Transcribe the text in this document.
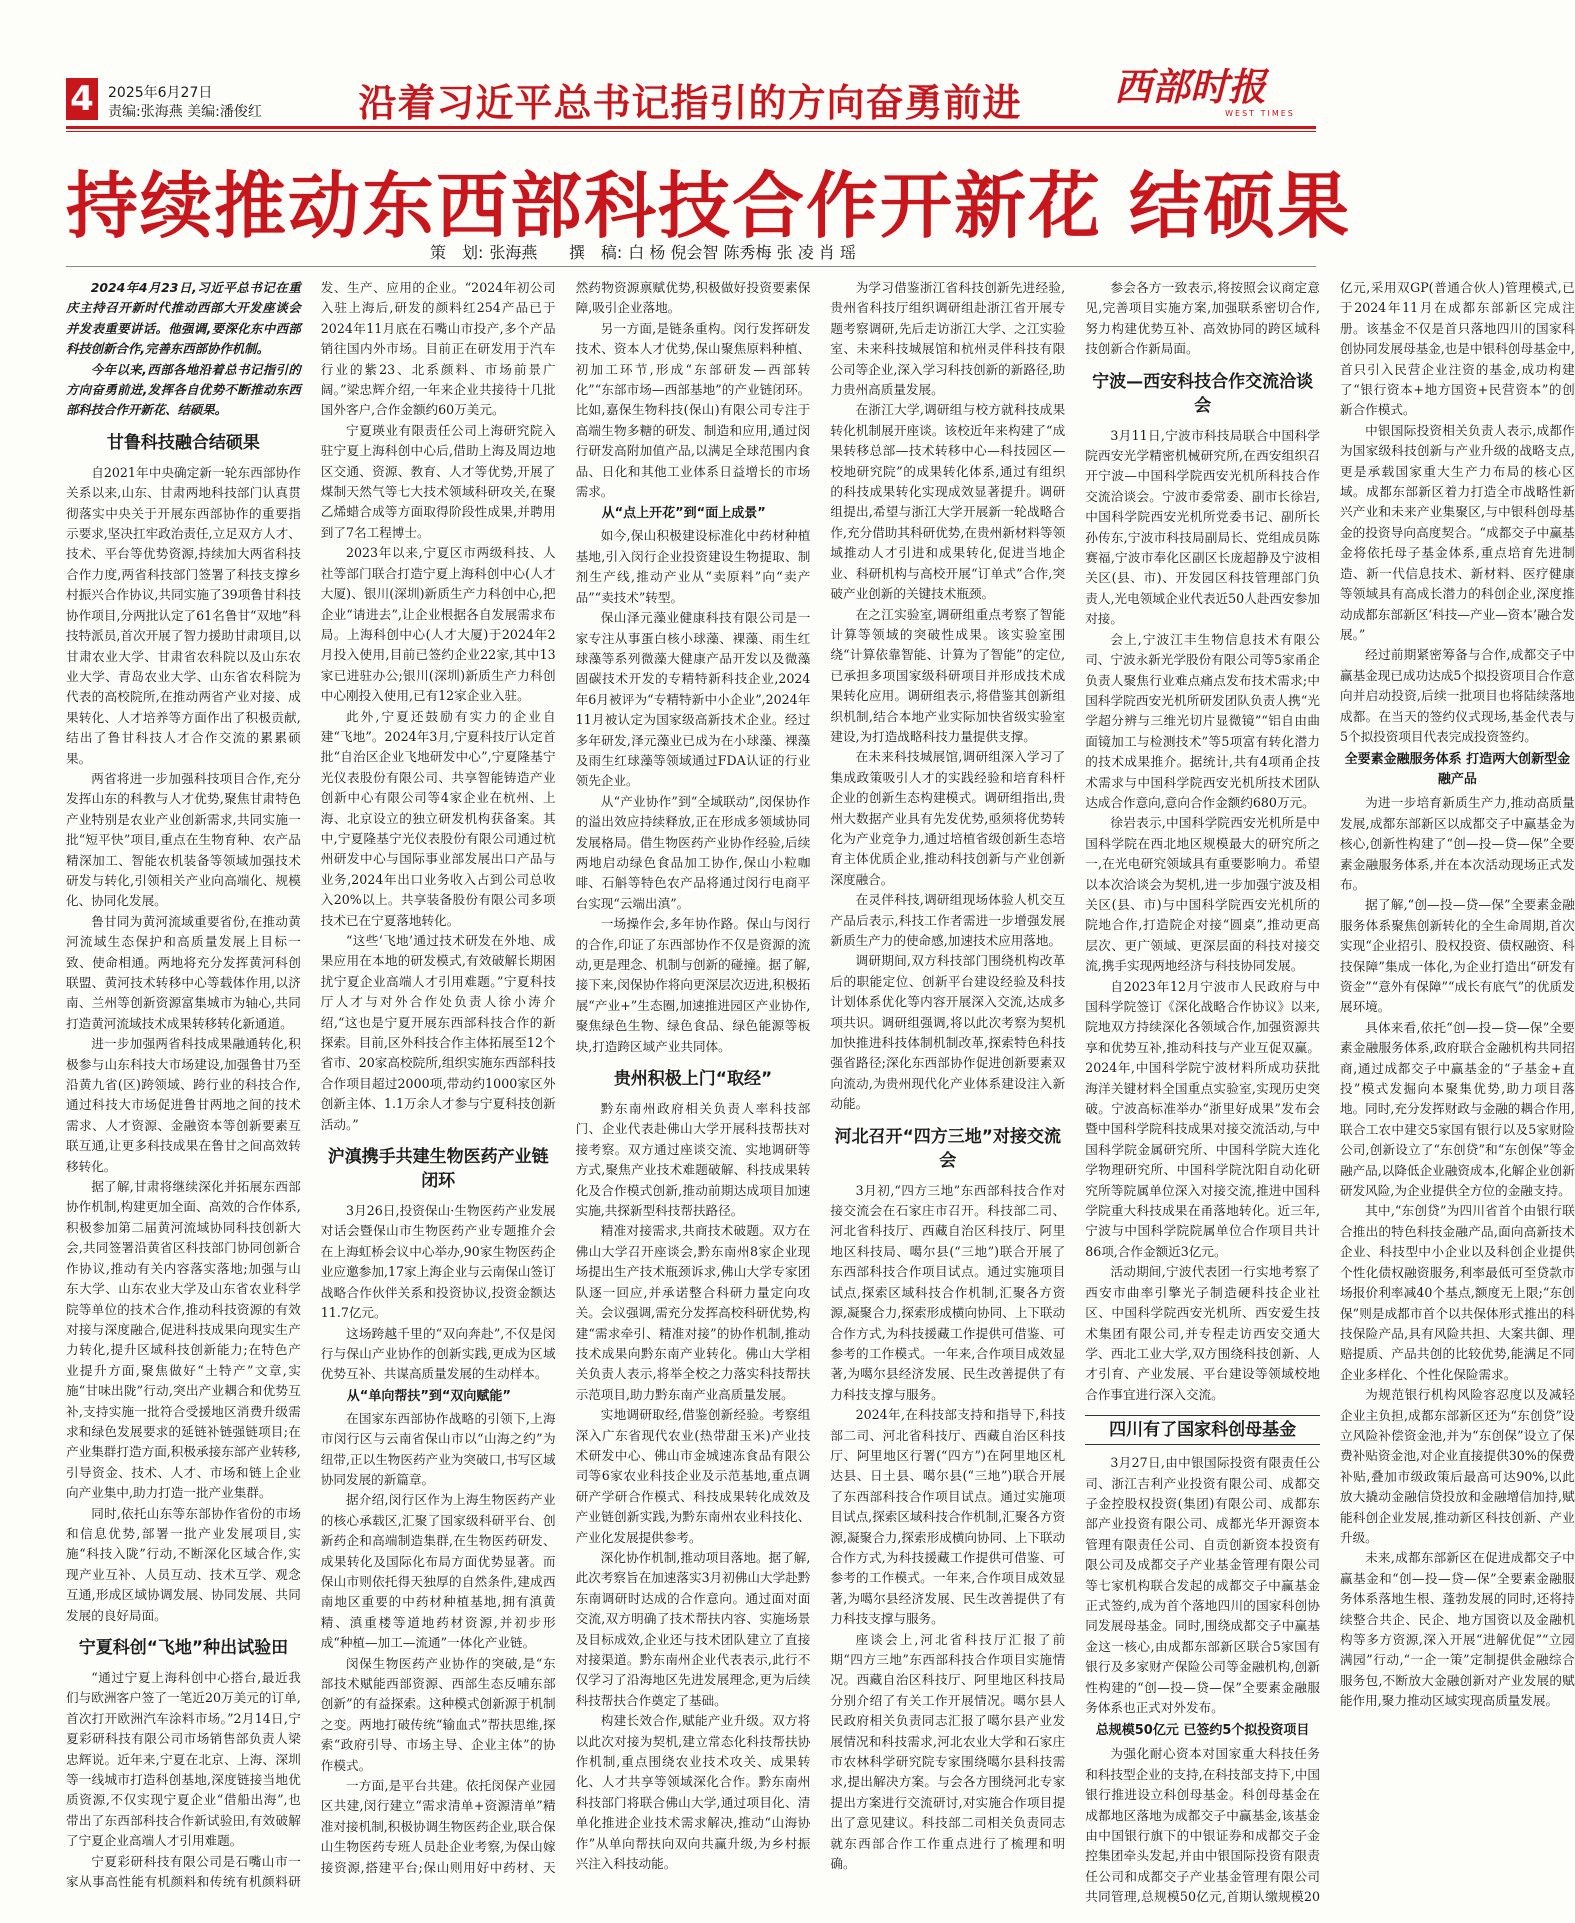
4 2025年6月27日
责编:张海燕 美编:潘俊红	沿着习近平总书记指引的方向奋勇前进 西部时报
WEST TIMES
持续推动东西部科技合作开新花 结硕果
策　划: 张海燕 撰　稿: 白 杨 倪会智 陈秀梅 张 凌 肖 瑶

2024年4月23日,习近平总书记在重庆主持召开新时代推动西部大开发座谈会并发表重要讲话。他强调,要深化东中西部科技创新合作,完善东西部协作机制。

今年以来,西部各地沿着总书记指引的方向奋勇前进,发挥各自优势不断推动东西部科技合作开新花、结硕果。

甘鲁科技融合结硕果

自2021年中央确定新一轮东西部协作关系以来,山东、甘肃两地科技部门认真贯彻落实中央关于开展东西部协作的重要指示要求,坚决扛牢政治责任,立足双方人才、技术、平台等优势资源,持续加大两省科技合作力度,两省科技部门签署了科技支撑乡村振兴合作协议,共同实施了39项鲁甘科技协作项目,分两批认定了61名鲁甘“双地”科技特派员,首次开展了智力援助甘肃项目,以甘肃农业大学、甘肃省农科院以及山东农业大学、青岛农业大学、山东省农科院为代表的高校院所,在推动两省产业对接、成果转化、人才培养等方面作出了积极贡献,结出了鲁甘科技人才合作交流的累累硕果。

两省将进一步加强科技项目合作,充分发挥山东的科教与人才优势,聚焦甘肃特色产业特别是农业产业创新需求,共同实施一批“短平快”项目,重点在生物育种、农产品精深加工、智能农机装备等领域加强技术研发与转化,引领相关产业向高端化、规模化、协同化发展。

鲁甘同为黄河流域重要省份,在推动黄河流域生态保护和高质量发展上目标一致、使命相通。两地将充分发挥黄河科创联盟、黄河技术转移中心等载体作用,以济南、兰州等创新资源富集城市为轴心,共同打造黄河流域技术成果转移转化新通道。

进一步加强两省科技成果融通转化,积极参与山东科技大市场建设,加强鲁甘乃至沿黄九省(区)跨领域、跨行业的科技合作,通过科技大市场促进鲁甘两地之间的技术需求、人才资源、金融资本等创新要素互联互通,让更多科技成果在鲁甘之间高效转移转化。

据了解,甘肃将继续深化并拓展东西部协作机制,构建更加全面、高效的合作体系,积极参加第二届黄河流域协同科技创新大会,共同签署沿黄省区科技部门协同创新合作协议,推动有关内容落实落地;加强与山东大学、山东农业大学及山东省农业科学院等单位的技术合作,推动科技资源的有效对接与深度融合,促进科技成果向现实生产力转化,提升区域科技创新能力;在特色产业提升方面,聚焦做好“土特产”文章,实施“甘味出陇”行动,突出产业耦合和优势互补,支持实施一批符合受援地区消费升级需求和绿色发展要求的延链补链强链项目;在产业集群打造方面,积极承接东部产业转移,引导资金、技术、人才、市场和链上企业向产业集中,助力打造一批产业集群。

同时,依托山东等东部协作省份的市场和信息优势,部署一批产业发展项目,实施“科技入陇”行动,不断深化区域合作,实现产业互补、人员互动、技术互学、观念互通,形成区域协调发展、协同发展、共同发展的良好局面。

宁夏科创“飞地”种出试验田

“通过宁夏上海科创中心搭台,最近我们与欧洲客户签了一笔近20万美元的订单,首次打开欧洲汽车涂料市场。”2月14日,宁夏彩研科技有限公司市场销售部负责人梁忠辉说。近年来,宁夏在北京、上海、深圳等一线城市打造科创基地,深度链接当地优质资源,不仅实现宁夏企业“借船出海”,也带出了东西部科技合作新试验田,有效破解了宁夏企业高端人才引用难题。

宁夏彩研科技有限公司是石嘴山市一家从事高性能有机颜料和传统有机颜料研发、生产、应用的企业。“2024年初公司入驻上海后,研发的颜料红254产品已于2024年11月底在石嘴山市投产,多个产品销往国内外市场。目前正在研发用于汽车行业的紫23、北系颜料、市场前景广阔。”梁忠辉介绍,一年来企业共接待十几批国外客户,合作金额约60万美元。

宁夏瑛业有限责任公司上海研究院入驻宁夏上海科创中心后,借助上海及周边地区交通、资源、教育、人才等优势,开展了煤制天然气等七大技术领域科研攻关,在聚乙烯蜡合成等方面取得阶段性成果,并聘用到了7名工程博士。

2023年以来,宁夏区市两级科技、人社等部门联合打造宁夏上海科创中心(人才大厦)、银川(深圳)新质生产力科创中心,把企业“请进去”,让企业根据各自发展需求布局。上海科创中心(人才大厦)于2024年2月投入使用,目前已签约企业22家,其中13家已进驻办公;银川(深圳)新质生产力科创中心刚投入使用,已有12家企业入驻。

此外,宁夏还鼓励有实力的企业自建“飞地”。2024年3月,宁夏科技厅认定首批“自治区企业飞地研发中心”,宁夏隆基宁光仪表股份有限公司、共享智能铸造产业创新中心有限公司等4家企业在杭州、上海、北京设立的独立研发机构获备案。其中,宁夏隆基宁光仪表股份有限公司通过杭州研发中心与国际事业部发展出口产品与业务,2024年出口业务收入占到公司总收入20%以上。共享装备股份有限公司多项技术已在宁夏落地转化。

“这些‘飞地’通过技术研发在外地、成果应用在本地的研发模式,有效破解长期困扰宁夏企业高端人才引用难题。”宁夏科技厅人才与对外合作处负责人徐小涛介绍,“这也是宁夏开展东西部科技合作的新探索。目前,区外科技合作主体拓展至12个省市、20家高校院所,组织实施东西部科技合作项目超过2000项,带动约1000家区外创新主体、1.1万余人才参与宁夏科技创新活动。”

沪滇携手共建生物医药产业链闭环

3月26日,投资保山·生物医药产业发展对话会暨保山市生物医药产业专题推介会在上海虹桥会议中心举办,90家生物医药企业应邀参加,17家上海企业与云南保山签订战略合作伙伴关系和投资协议,投资金额达11.7亿元。

这场跨越千里的“双向奔赴”,不仅是闵行与保山产业协作的创新实践,更成为区域优势互补、共谋高质量发展的生动样本。

从“单向帮扶”到“双向赋能”

在国家东西部协作战略的引领下,上海市闵行区与云南省保山市以“山海之约”为纽带,正以生物医药产业为突破口,书写区域协同发展的新篇章。

据介绍,闵行区作为上海生物医药产业的核心承载区,汇聚了国家级科研平台、创新药企和高端制造集群,在生物医药研发、成果转化及国际化布局方面优势显著。而保山市则依托得天独厚的自然条件,建成西南地区重要的中药材种植基地,拥有滇黄精、滇重楼等道地药材资源,并初步形成“种植—加工—流通”一体化产业链。

闵保生物医药产业协作的突破,是“东部技术赋能西部资源、西部生态反哺东部创新”的有益探索。这种模式创新源于机制之变。两地打破传统“输血式”帮扶思维,探索“政府引导、市场主导、企业主体”的协作模式。

一方面,是平台共建。依托闵保产业园区共建,闵行建立“需求清单+资源清单”精准对接机制,积极协调生物医药企业,联合保山生物医药专班人员赴企业考察,为保山嫁接资源,搭建平台;保山则用好中药材、天然药物资源禀赋优势,积极做好投资要素保障,吸引企业落地。

另一方面,是链条重构。闵行发挥研发技术、资本人才优势,保山聚焦原料种植、初加工环节,形成“东部研发—西部转化”“东部市场—西部基地”的产业链闭环。比如,嘉保生物科技(保山)有限公司专注于高端生物多糖的研发、制造和应用,通过闵行研发高附加值产品,以满足全球范围内食品、日化和其他工业体系日益增长的市场需求。

从“点上开花”到“面上成景”

如今,保山积极建设标准化中药材种植基地,引入闵行企业投资建设生物提取、制剂生产线,推动产业从“卖原料”向“卖产品”“卖技术”转型。

保山泽元藻业健康科技有限公司是一家专注从事蛋白核小球藻、裸藻、雨生红球藻等系列微藻大健康产品开发以及微藻固碳技术开发的专精特新科技企业,2024年6月被评为“专精特新中小企业”,2024年11月被认定为国家级高新技术企业。经过多年研发,泽元藻业已成为在小球藻、裸藻及雨生红球藻等领域通过FDA认证的行业领先企业。

从“产业协作”到“全域联动”,闵保协作的溢出效应持续释放,正在形成多领域协同发展格局。借生物医药产业协作经验,后续两地启动绿色食品加工协作,保山小粒咖啡、石斛等特色农产品将通过闵行电商平台实现“云端出滇”。

一场操作会,多年协作路。保山与闵行的合作,印证了东西部协作不仅是资源的流动,更是理念、机制与创新的碰撞。据了解,接下来,闵保协作将向更深层次迈进,积极拓展“产业+”生态圈,加速推进园区产业协作,聚焦绿色生物、绿色食品、绿色能源等板块,打造跨区域产业共同体。

贵州积极上门“取经”

黔东南州政府相关负责人率科技部门、企业代表赴佛山大学开展科技帮扶对接考察。双方通过座谈交流、实地调研等方式,聚焦产业技术难题破解、科技成果转化及合作模式创新,推动前期达成项目加速实施,共探新型科技帮扶路径。

精准对接需求,共商技术破题。双方在佛山大学召开座谈会,黔东南州8家企业现场提出生产技术瓶颈诉求,佛山大学专家团队逐一回应,并承诺整合科研力量定向攻关。会议强调,需充分发挥高校科研优势,构建“需求牵引、精准对接”的协作机制,推动技术成果向黔东南产业转化。佛山大学相关负责人表示,将举全校之力落实科技帮扶示范项目,助力黔东南产业高质量发展。

实地调研取经,借鉴创新经验。考察组深入广东省现代农业(热带甜玉米)产业技术研发中心、佛山市金城速冻食品有限公司等6家农业科技企业及示范基地,重点调研产学研合作模式、科技成果转化成效及产业链创新实践,为黔东南州农业科技化、产业化发展提供参考。

深化协作机制,推动项目落地。据了解,此次考察旨在加速落实3月初佛山大学赴黔东南调研时达成的合作意向。通过面对面交流,双方明确了技术帮扶内容、实施场景及目标成效,企业还与技术团队建立了直接对接渠道。黔东南州企业代表表示,此行不仅学习了沿海地区先进发展理念,更为后续科技帮扶合作奠定了基础。

构建长效合作,赋能产业升级。双方将以此次对接为契机,建立常态化科技帮扶协作机制,重点围绕农业技术攻关、成果转化、人才共享等领域深化合作。黔东南州科技部门将联合佛山大学,通过项目化、清单化推进企业技术需求解决,推动“山海协作”从单向帮扶向双向共赢升级,为乡村振兴注入科技动能。

为学习借鉴浙江省科技创新先进经验,贵州省科技厅组织调研组赴浙江省开展专题考察调研,先后走访浙江大学、之江实验室、未来科技城展馆和杭州灵伴科技有限公司等企业,深入学习科技创新的新路径,助力贵州高质量发展。

在浙江大学,调研组与校方就科技成果转化机制展开座谈。该校近年来构建了“成果转移总部—技术转移中心—科技园区—校地研究院”的成果转化体系,通过有组织的科技成果转化实现成效显著提升。调研组提出,希望与浙江大学开展新一轮战略合作,充分借助其科研优势,在贵州新材料等领域推动人才引进和成果转化,促进当地企业、科研机构与高校开展“订单式”合作,突破产业创新的关键技术瓶颈。

在之江实验室,调研组重点考察了智能计算等领域的突破性成果。该实验室围绕“计算依靠智能、计算为了智能”的定位,已承担多项国家级科研项目并形成技术成果转化应用。调研组表示,将借鉴其创新组织机制,结合本地产业实际加快省级实验室建设,为打造战略科技力量提供支撑。

在未来科技城展馆,调研组深入学习了集成政策吸引人才的实践经验和培育科杆企业的创新生态构建模式。调研组指出,贵州大数据产业具有先发优势,亟须将优势转化为产业竞争力,通过培植省级创新生态培育主体优质企业,推动科技创新与产业创新深度融合。

在灵伴科技,调研组现场体验人机交互产品后表示,科技工作者需进一步增强发展新质生产力的使命感,加速技术应用落地。

调研期间,双方科技部门围绕机构改革后的职能定位、创新平台建设经验及科技计划体系优化等内容开展深入交流,达成多项共识。调研组强调,将以此次考察为契机加快推进科技体制机制改革,探索特色科技强省路径;深化东西部协作促进创新要素双向流动,为贵州现代化产业体系建设注入新动能。

河北召开“四方三地”对接交流会

3月初,“四方三地”东西部科技合作对接交流会在石家庄市召开。科技部二司、河北省科技厅、西藏自治区科技厅、阿里地区科技局、噶尔县(“三地”)联合开展了东西部科技合作项目试点。通过实施项目试点,探索区域科技合作机制,汇聚各方资源,凝聚合力,探索形成横向协同、上下联动合作方式,为科技援藏工作提供可借鉴、可参考的工作模式。一年来,合作项目成效显著,为噶尔县经济发展、民生改善提供了有力科技支撑与服务。

2024年,在科技部支持和指导下,科技部二司、河北省科技厅、西藏自治区科技厅、阿里地区行署(“四方”)在阿里地区札达县、日土县、噶尔县(“三地”)联合开展了东西部科技合作项目试点。通过实施项目试点,探索区域科技合作机制,汇聚各方资源,凝聚合力,探索形成横向协同、上下联动合作方式,为科技援藏工作提供可借鉴、可参考的工作模式。一年来,合作项目成效显著,为噶尔县经济发展、民生改善提供了有力科技支撑与服务。

座谈会上,河北省科技厅汇报了前期“四方三地”东西部科技合作项目实施情况。西藏自治区科技厅、阿里地区科技局分别介绍了有关工作开展情况。噶尔县人民政府相关负责同志汇报了噶尔县产业发展情况和科技需求,河北农业大学和石家庄市农林科学研究院专家围绕噶尔县科技需求,提出解决方案。与会各方围绕河北专家提出方案进行交流研讨,对实施合作项目提出了意见建议。科技部二司相关负责同志就东西部合作工作重点进行了梳理和明确。

参会各方一致表示,将按照会议商定意见,完善项目实施方案,加强联系密切合作,努力构建优势互补、高效协同的跨区域科技创新合作新局面。

宁波—西安科技合作交流洽谈会

3月11日,宁波市科技局联合中国科学院西安光学精密机械研究所,在西安组织召开宁波—中国科学院西安光机所科技合作交流洽谈会。宁波市委常委、副市长徐岩,中国科学院西安光机所党委书记、副所长孙传东,宁波市科技局副局长、党组成员陈赛福,宁波市奉化区副区长庞超静及宁波相关区(县、市)、开发园区科技管理部门负责人,光电领域企业代表近50人赴西安参加对接。

会上,宁波江丰生物信息技术有限公司、宁波永新光学股份有限公司等5家甬企负责人聚焦行业难点痛点发布技术需求;中国科学院西安光机所研发团队负责人携“光学超分辨与三维光切片显微镜”“铝自由曲面镜加工与检测技术”等5项富有转化潜力的技术成果推介。据统计,共有4项甬企技术需求与中国科学院西安光机所技术团队达成合作意向,意向合作金额约680万元。

徐岩表示,中国科学院西安光机所是中国科学院在西北地区规模最大的研究所之一,在光电研究领域具有重要影响力。希望以本次洽谈会为契机,进一步加强宁波及相关区(县、市)与中国科学院西安光机所的院地合作,打造院企对接“圆桌”,推动更高层次、更广领域、更深层面的科技对接交流,携手实现两地经济与科技协同发展。

自2023年12月宁波市人民政府与中国科学院签订《深化战略合作协议》以来,院地双方持续深化各领域合作,加强资源共享和优势互补,推动科技与产业互促双赢。2024年,中国科学院宁波材料所成功获批海洋关键材料全国重点实验室,实现历史突破。宁波高标准举办“浙里好成果”发布会暨中国科学院科技成果对接交流活动,与中国科学院金属研究所、中国科学院大连化学物理研究所、中国科学院沈阳自动化研究所等院属单位深入对接交流,推进中国科学院重大科技成果在甬落地转化。近三年,宁波与中国科学院院属单位合作项目共计86项,合作金额近3亿元。

活动期间,宁波代表团一行实地考察了西安市曲率引擎光子制造硬科技企业社区、中国科学院西安光机所、西安爱生技术集团有限公司,并专程走访西安交通大学、西北工业大学,双方围绕科技创新、人才引育、产业发展、平台建设等领域校地合作事宜进行深入交流。

四川有了国家科创母基金

3月27日,由中银国际投资有限责任公司、浙江吉利产业投资有限公司、成都交子金控股权投资(集团)有限公司、成都东部产业投资有限公司、成都光华开源资本管理有限责任公司、自贡创新资本投资有限公司及成都交子产业基金管理有限公司等七家机构联合发起的成都交子中赢基金正式签约,成为首个落地四川的国家科创协同发展母基金。同时,围绕成都交子中赢基金这一核心,由成都东部新区联合5家国有银行及多家财产保险公司等金融机构,创新性构建的“创—投—贷—保”全要素金融服务体系也正式对外发布。

总规模50亿元 已签约5个拟投资项目

为强化耐心资本对国家重大科技任务和科技型企业的支持,在科技部支持下,中国银行推进设立科创母基金。科创母基金在成都地区落地为成都交子中赢基金,该基金由中国银行旗下的中银证券和成都交子金控集团牵头发起,并由中银国际投资有限责任公司和成都交子产业基金管理有限公司共同管理,总规模50亿元,首期认缴规模20亿元,采用双GP(普通合伙人)管理模式,已于2024年11月在成都东部新区完成注册。该基金不仅是首只落地四川的国家科创协同发展母基金,也是中银科创母基金中,首只引入民营企业注资的基金,成功构建了“银行资本+地方国资+民营资本”的创新合作模式。

中银国际投资相关负责人表示,成都作为国家级科技创新与产业升级的战略支点,更是承载国家重大生产力布局的核心区域。成都东部新区着力打造全市战略性新兴产业和未来产业集聚区,与中银科创母基金的投资导向高度契合。“成都交子中赢基金将依托母子基金体系,重点培育先进制造、新一代信息技术、新材料、医疗健康等领域具有高成长潜力的科创企业,深度推动成都东部新区‘科技—产业—资本’融合发展。”

经过前期紧密筹备与合作,成都交子中赢基金现已成功达成5个拟投资项目合作意向并启动投资,后续一批项目也将陆续落地成都。在当天的签约仪式现场,基金代表与5个拟投资项目代表完成投资签约。

全要素金融服务体系 打造两大创新型金融产品

为进一步培育新质生产力,推动高质量发展,成都东部新区以成都交子中赢基金为核心,创新性构建了“创—投—贷—保”全要素金融服务体系,并在本次活动现场正式发布。

据了解,“创—投—贷—保”全要素金融服务体系聚焦创新转化的全生命周期,首次实现“企业招引、股权投资、债权融资、科技保障”集成一体化,为企业打造出“研发有资金”“意外有保障”“成长有底气”的优质发展环境。

具体来看,依托“创—投—贷—保”全要素金融服务体系,政府联合金融机构共同招商,通过成都交子中赢基金的“子基金+直投”模式发掘向本聚集优势,助力项目落地。同时,充分发挥财政与金融的耦合作用,联合工农中建交5家国有银行以及5家财险公司,创新设立了“东创贷”和“东创保”等金融产品,以降低企业融资成本,化解企业创新研发风险,为企业提供全方位的金融支持。

其中,“东创贷”为四川省首个由银行联合推出的特色科技金融产品,面向高新技术企业、科技型中小企业以及科创企业提供个性化债权融资服务,利率最低可至贷款市场报价利率减40个基点,额度无上限;“东创保”则是成都市首个以共保体形式推出的科技保险产品,具有风险共担、大案共御、理赔提质、产品共创的比较优势,能满足不同企业多样化、个性化保险需求。

为规范银行机构风险容忍度以及减轻企业主负担,成都东部新区还为“东创贷”设立风险补偿资金池,并为“东创保”设立了保费补贴资金池,对企业直接提供30%的保费补贴,叠加市级政策后最高可达90%,以此放大撬动金融信贷投放和金融增信加持,赋能科创企业发展,推动新区科技创新、产业升级。

未来,成都东部新区在促进成都交子中赢基金和“创—投—贷—保”全要素金融服务体系落地生根、蓬勃发展的同时,还将持续整合共企、民企、地方国资以及金融机构等多方资源,深入开展“进解优促”“立园满园”行动,“一企一策”定制提供金融综合服务包,不断放大金融创新对产业发展的赋能作用,聚力推动区域实现高质量发展。
